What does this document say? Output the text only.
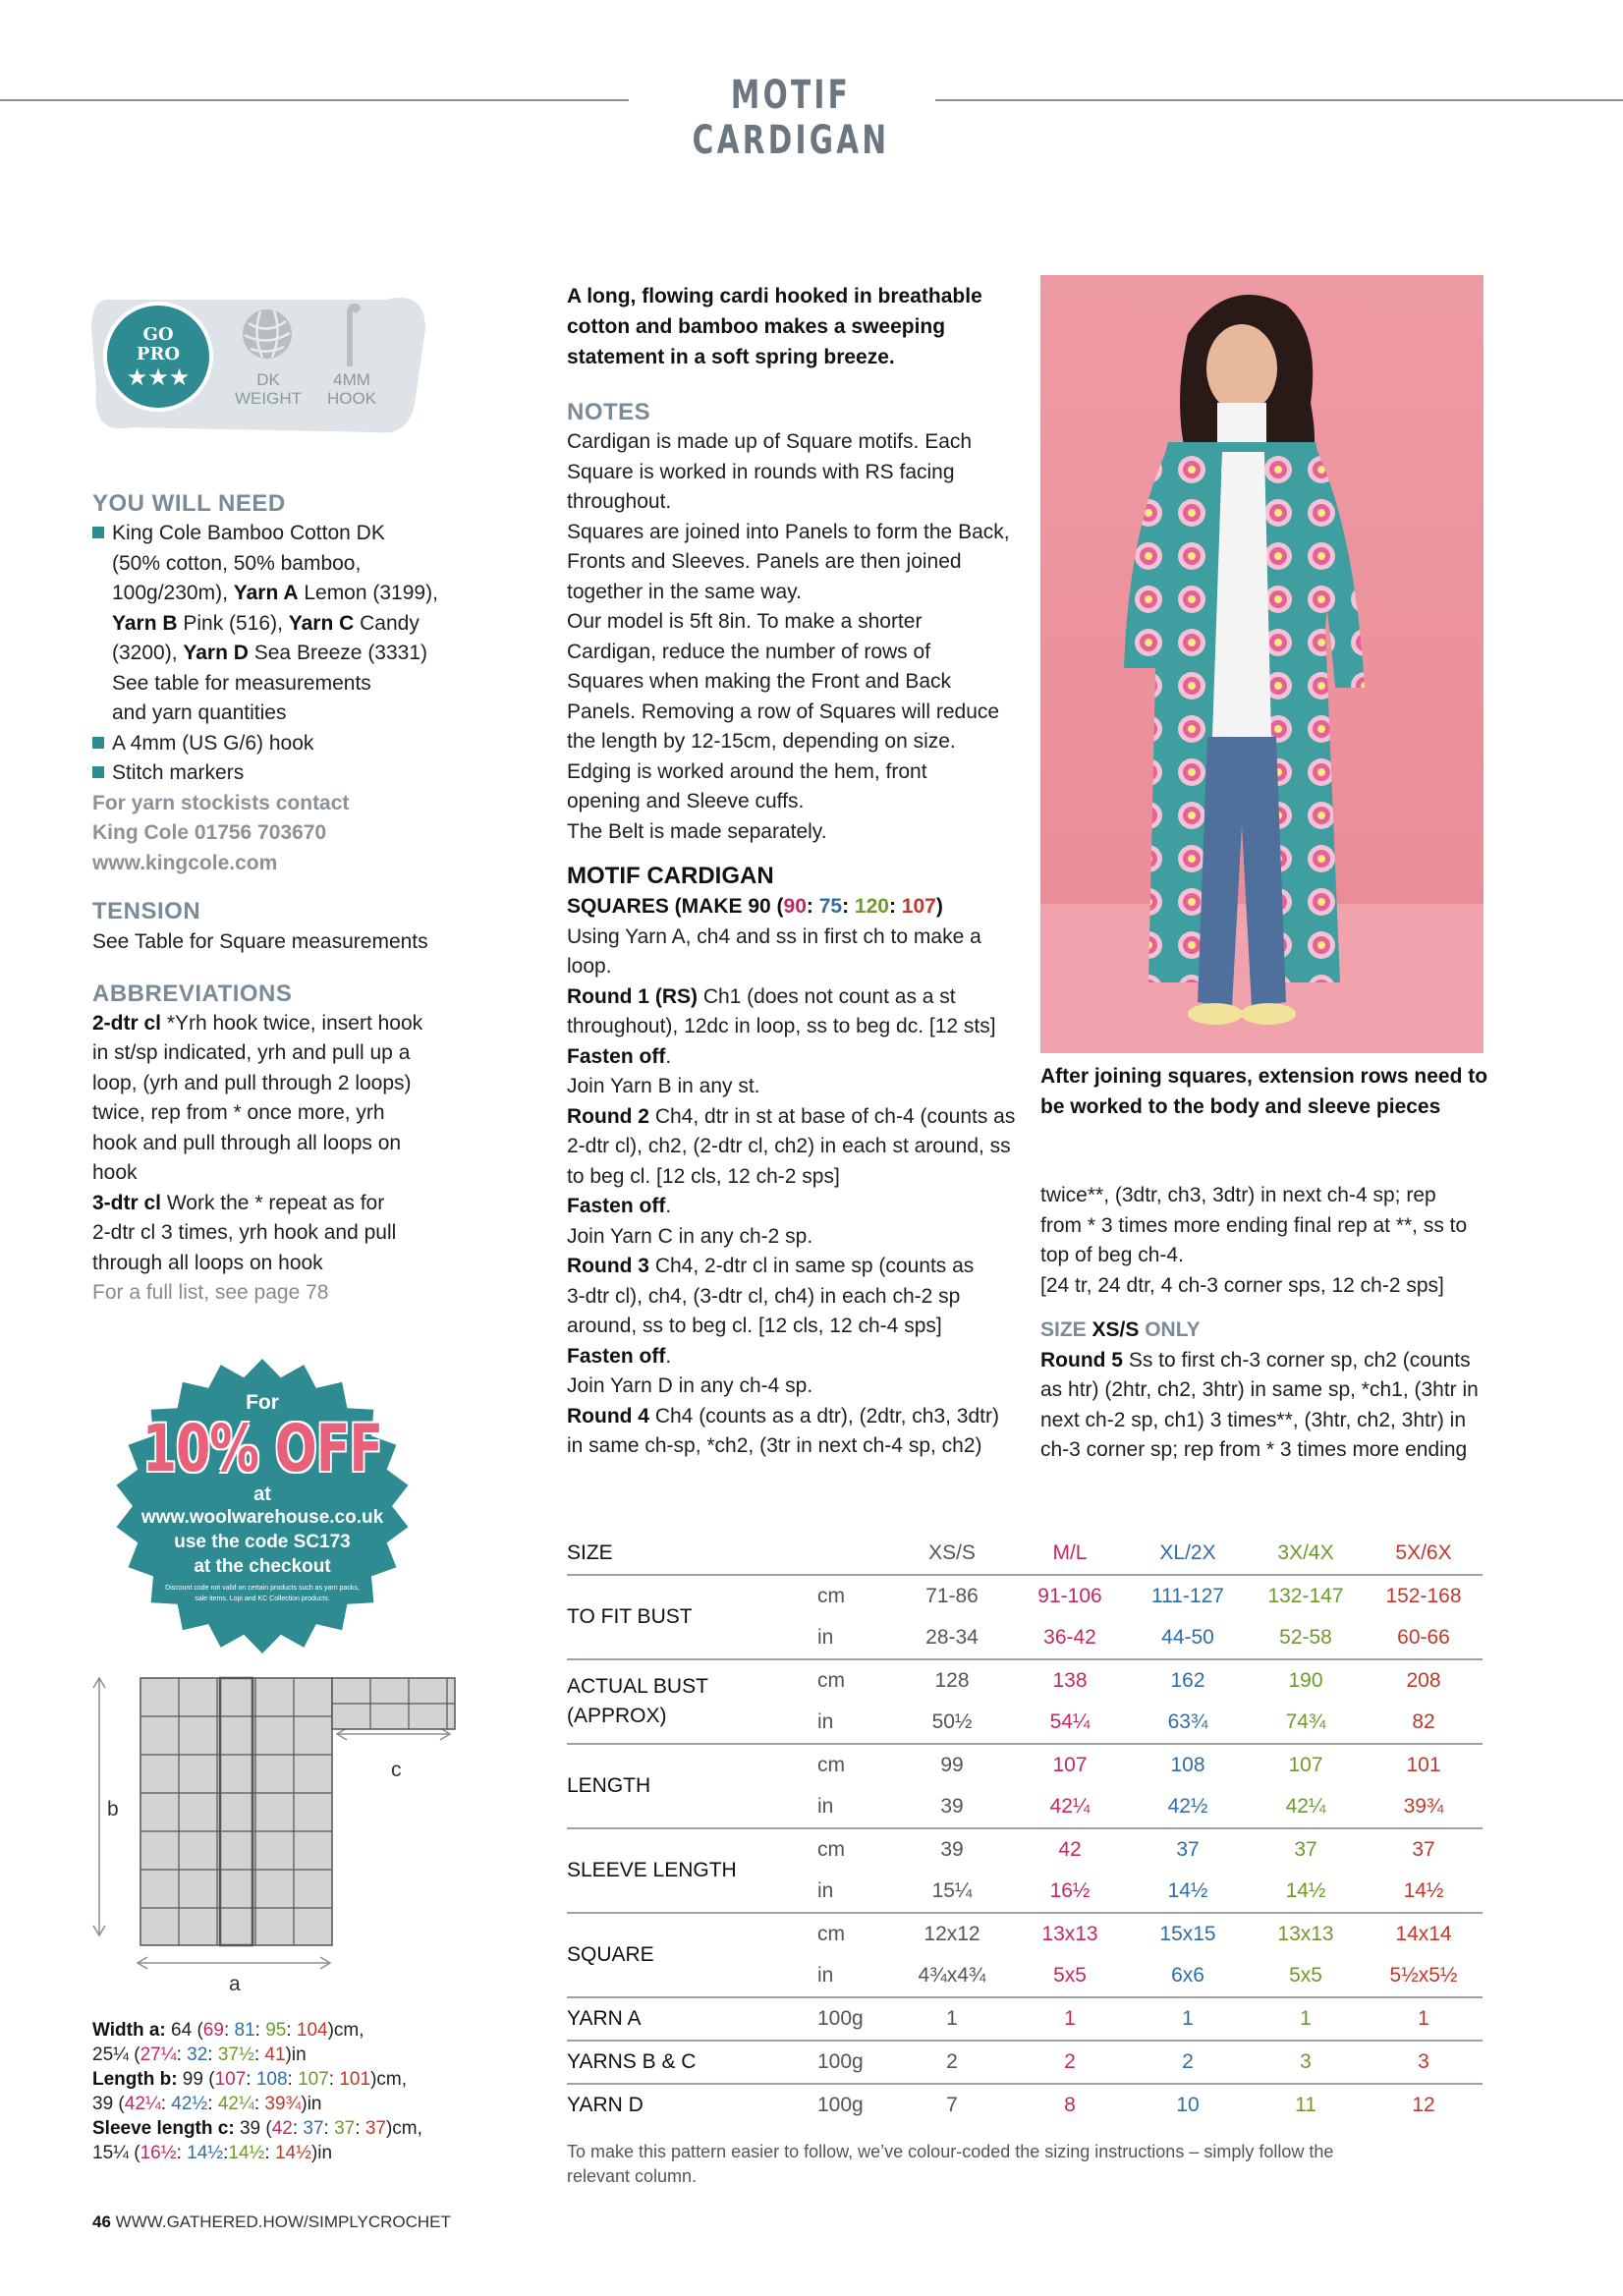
MOTIF CARDIGAN
GO
PRO
★★★	DK
WEIGHT
4MM
HOOK
YOU WILL NEED
King Cole Bamboo Cotton DK
(50% cotton, 50% bamboo,
100g/230m), Yarn A Lemon (3199),
Yarn B Pink (516), Yarn C Candy
(3200), Yarn D Sea Breeze (3331)
See table for measurements
and yarn quantities
A 4mm (US G/6) hook
Stitch markers
For yarn stockists contact
King Cole 01756 703670
www.kingcole.com
TENSION
See Table for Square measurements
ABBREVIATIONS
2-dtr cl *Yrh hook twice, insert hook
in st/sp indicated, yrh and pull up a
loop, (yrh and pull through 2 loops)
twice, rep from * once more, yrh
hook and pull through all loops on
hook
3-dtr cl Work the * repeat as for
2-dtr cl 3 times, yrh hook and pull
through all loops on hook
For a full list, see page 78
For
10% OFF
at
www.woolwarehouse.co.uk
use the code SC173
at the checkout
Discount code not valid on certain products such as yarn packs,
sale items, Lopi and KC Collection products.
b
c
a
Width a: 64 (69: 81: 95: 104)cm,
25¼ (27¼: 32: 37½: 41)in
Length b: 99 (107: 108: 107: 101)cm,
39 (42¼: 42½: 42¼: 39¾)in
Sleeve length c: 39 (42: 37: 37: 37)cm,
15¼ (16½: 14½:14½: 14½)in
46 WWW.GATHERED.HOW/SIMPLYCROCHET
A long, flowing cardi hooked in breathable
cotton and bamboo makes a sweeping
statement in a soft spring breeze.
NOTES
Cardigan is made up of Square motifs. Each
Square is worked in rounds with RS facing
throughout.
Squares are joined into Panels to form the Back,
Fronts and Sleeves. Panels are then joined
together in the same way.
Our model is 5ft 8in. To make a shorter
Cardigan, reduce the number of rows of
Squares when making the Front and Back
Panels. Removing a row of Squares will reduce
the length by 12-15cm, depending on size.
Edging is worked around the hem, front
opening and Sleeve cuffs.
The Belt is made separately.
MOTIF CARDIGAN
SQUARES (MAKE 90 (90: 75: 120: 107)
Using Yarn A, ch4 and ss in first ch to make a
loop.
Round 1 (RS) Ch1 (does not count as a st
throughout), 12dc in loop, ss to beg dc. [12 sts]
Fasten off.
Join Yarn B in any st.
Round 2 Ch4, dtr in st at base of ch-4 (counts as
2-dtr cl), ch2, (2-dtr cl, ch2) in each st around, ss
to beg cl. [12 cls, 12 ch-2 sps]
Fasten off.
Join Yarn C in any ch-2 sp.
Round 3 Ch4, 2-dtr cl in same sp (counts as
3-dtr cl), ch4, (3-dtr cl, ch4) in each ch-2 sp
around, ss to beg cl. [12 cls, 12 ch-4 sps]
Fasten off.
Join Yarn D in any ch-4 sp.
Round 4 Ch4 (counts as a dtr), (2dtr, ch3, 3dtr)
in same ch-sp, *ch2, (3tr in next ch-4 sp, ch2)
After joining squares, extension rows need to
be worked to the body and sleeve pieces
twice**, (3dtr, ch3, 3dtr) in next ch-4 sp; rep
from * 3 times more ending final rep at **, ss to
top of beg ch-4.
[24 tr, 24 dtr, 4 ch-3 corner sps, 12 ch-2 sps]
SIZE XS/S ONLY
Round 5 Ss to first ch-3 corner sp, ch2 (counts
as htr) (2htr, ch2, 3htr) in same sp, *ch1, (3htr in
next ch-2 sp, ch1) 3 times**, (3htr, ch2, 3htr) in
ch-3 corner sp; rep from * 3 times more ending
SIZE		XS/S	M/L	XL/2X	3X/4X	5X/6X

TO FIT BUST	cm	71-86	91-106	111-127	132-147	152-168
	in	28-34	36-42	44-50	52-58	60-66

ACTUAL BUST
(APPROX)	cm	128	138	162	190	208
	in	50½	54¼	63¾	74¾	82

LENGTH	cm	99	107	108	107	101
	in	39	42¼	42½	42¼	39¾

SLEEVE LENGTH	cm	39	42	37	37	37
	in	15¼	16½	14½	14½	14½

SQUARE	cm	12x12	13x13	15x15	13x13	14x14
	in	4¾x4¾	5x5	6x6	5x5	5½x5½
YARN A	100g	1	1	1	1	1
YARNS B & C	100g	2	2	2	3	3
YARN D	100g	7	8	10	11	12
To make this pattern easier to follow, we’ve colour-coded the sizing instructions – simply follow the
relevant column.
